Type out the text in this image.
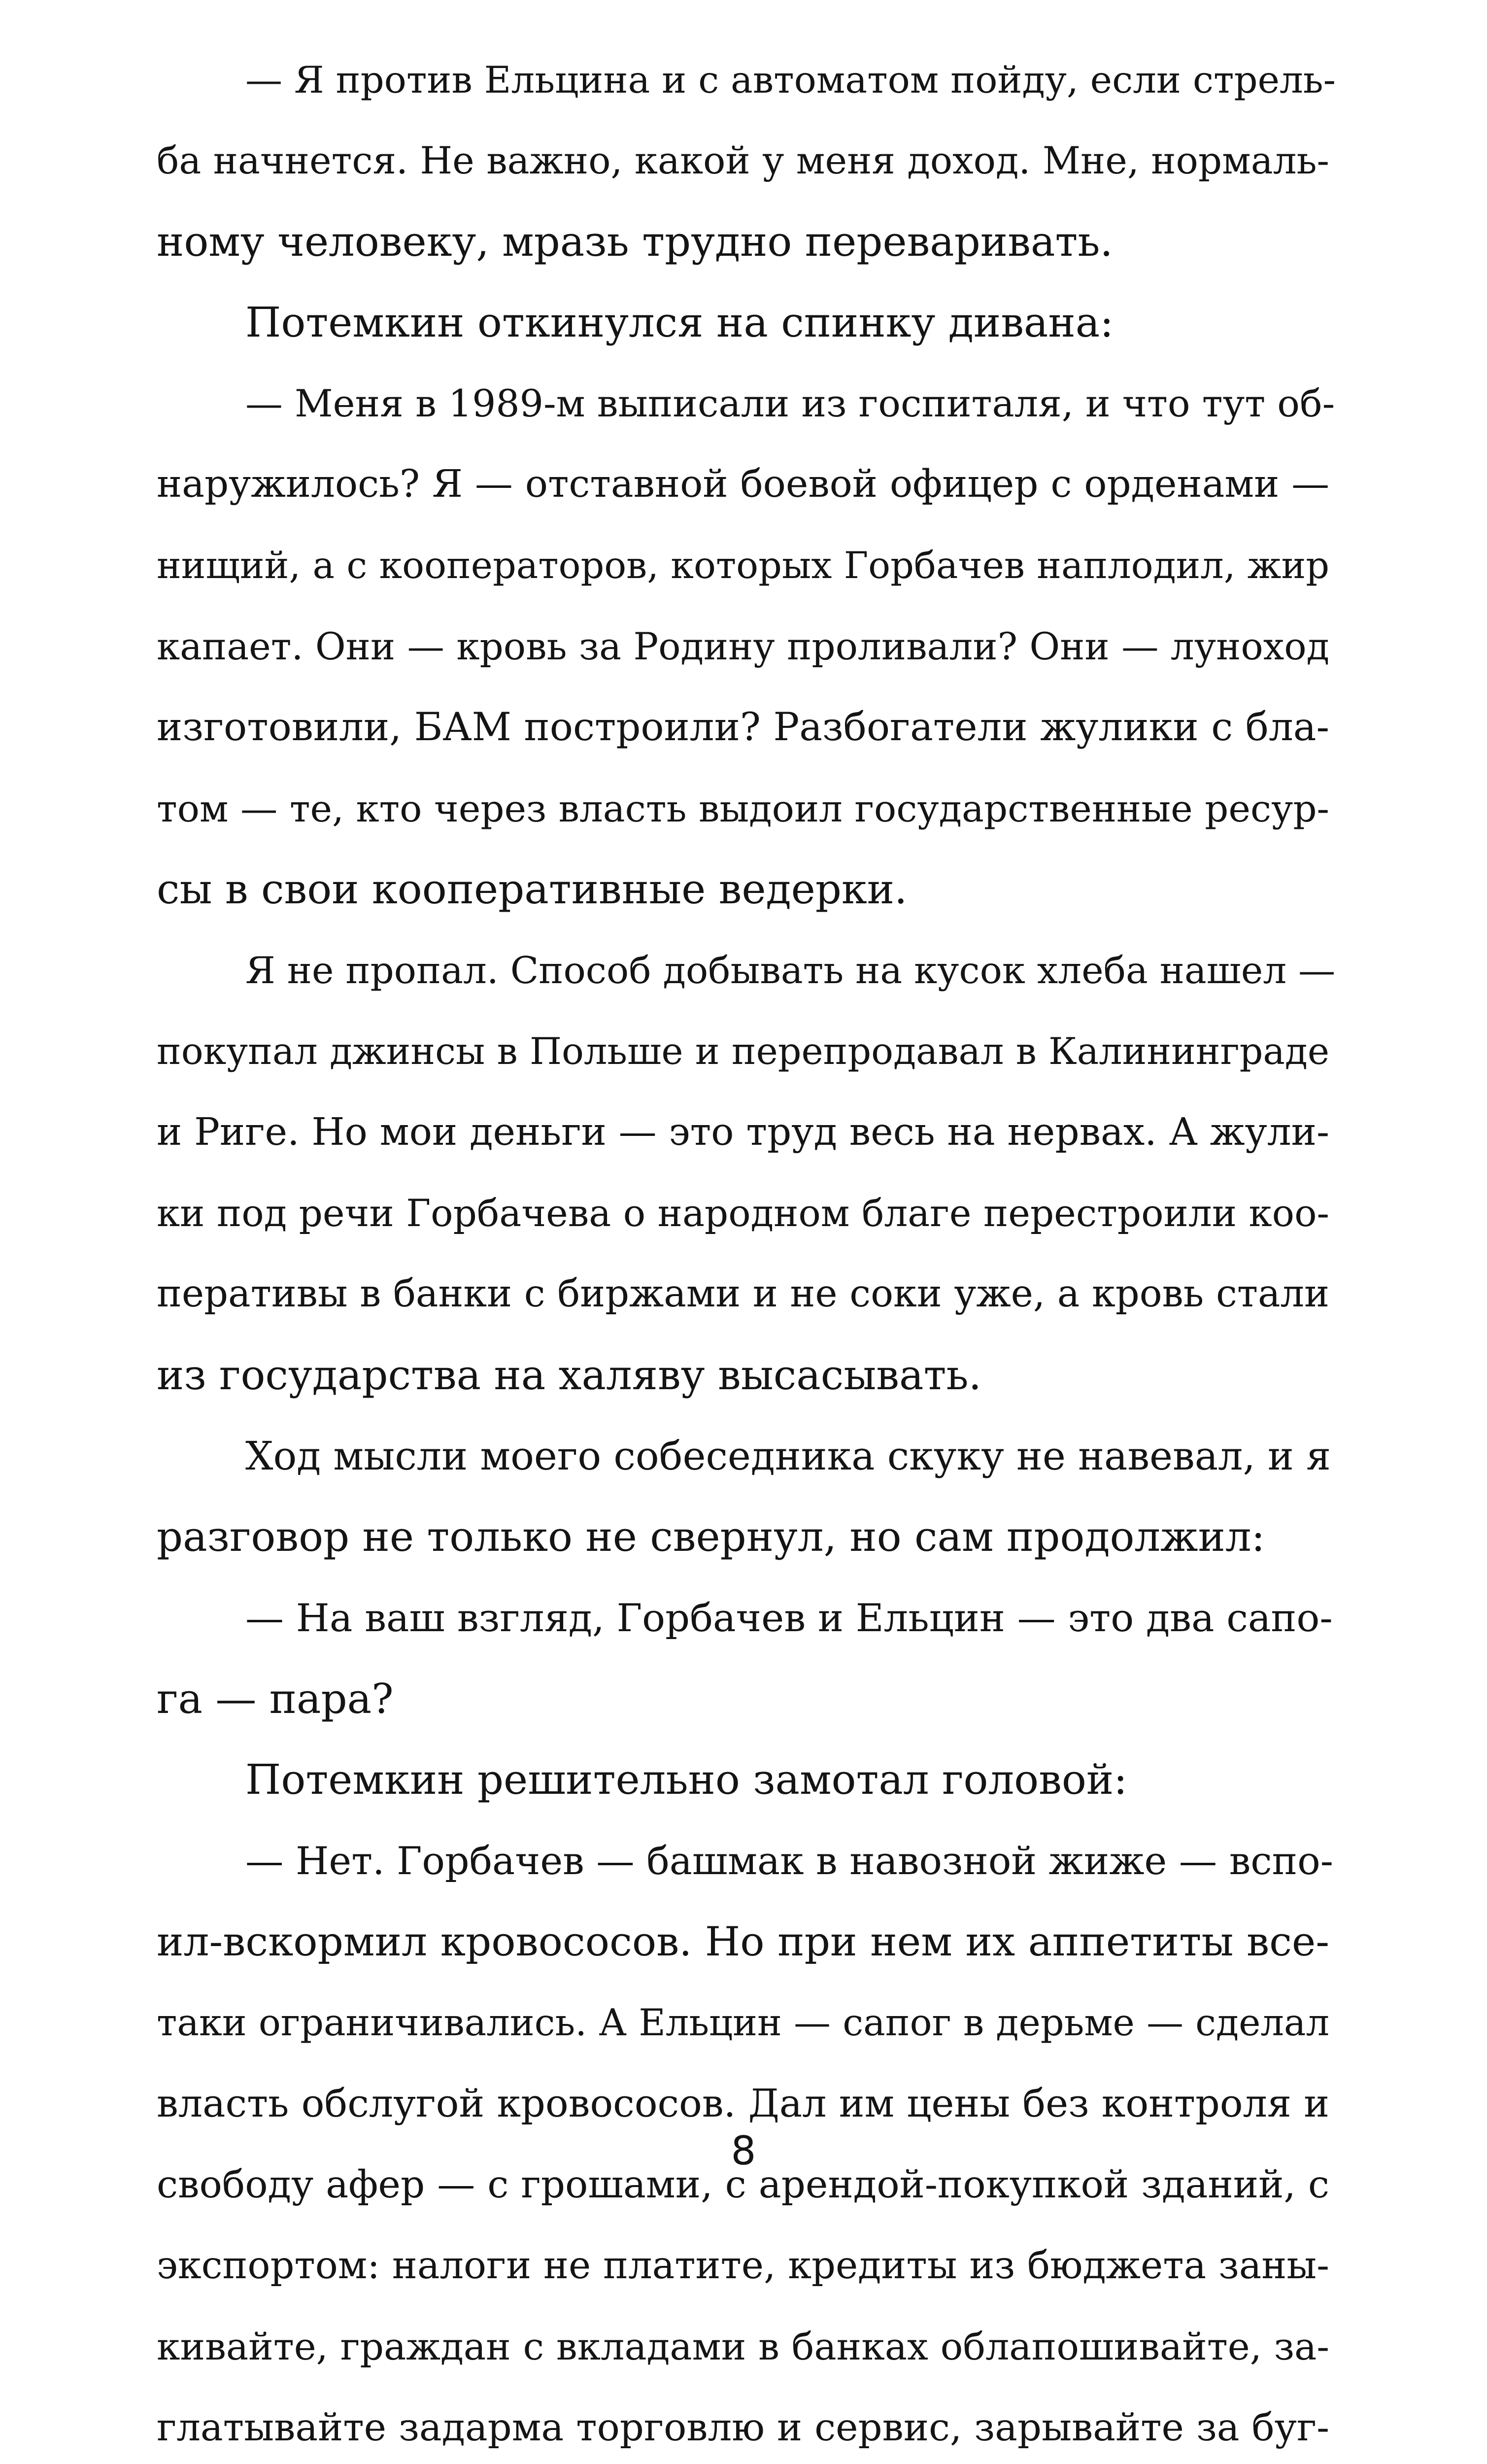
— Я против Ельцина и с автоматом пойду, если стрель-
ба начнется. Не важно, какой у меня доход. Мне, нормаль-
ному человеку, мразь трудно переваривать.
Потемкин откинулся на спинку дивана:
— Меня в 1989-м выписали из госпиталя, и что тут об-
наружилось? Я — отставной боевой офицер с орденами —
нищий, а с кооператоров, которых Горбачев наплодил, жир
капает. Они — кровь за Родину проливали? Они — луноход
изготовили, БАМ построили? Разбогатели жулики с бла-
том — те, кто через власть выдоил государственные ресур-
сы в свои кооперативные ведерки.
Я не пропал. Способ добывать на кусок хлеба нашел —
покупал джинсы в Польше и перепродавал в Калининграде
и Риге. Но мои деньги — это труд весь на нервах. А жули-
ки под речи Горбачева о народном благе перестроили коо-
перативы в банки с биржами и не соки уже, а кровь стали
из государства на халяву высасывать.
Ход мысли моего собеседника скуку не навевал, и я
разговор не только не свернул, но сам продолжил:
— На ваш взгляд, Горбачев и Ельцин — это два сапо-
га — пара?
Потемкин решительно замотал головой:
— Нет. Горбачев — башмак в навозной жиже — вспо-
ил-вскормил кровососов. Но при нем их аппетиты все-
таки ограничивались. А Ельцин — сапог в дерьме — сделал
власть обслугой кровососов. Дал им цены без контроля и
свободу афер — с грошами, с арендой-покупкой зданий, с
экспортом: налоги не платите, кредиты из бюджета заны-
кивайте, граждан с вкладами в банках облапошивайте, за-
глатывайте задарма торговлю и сервис, зарывайте за буг-
8
